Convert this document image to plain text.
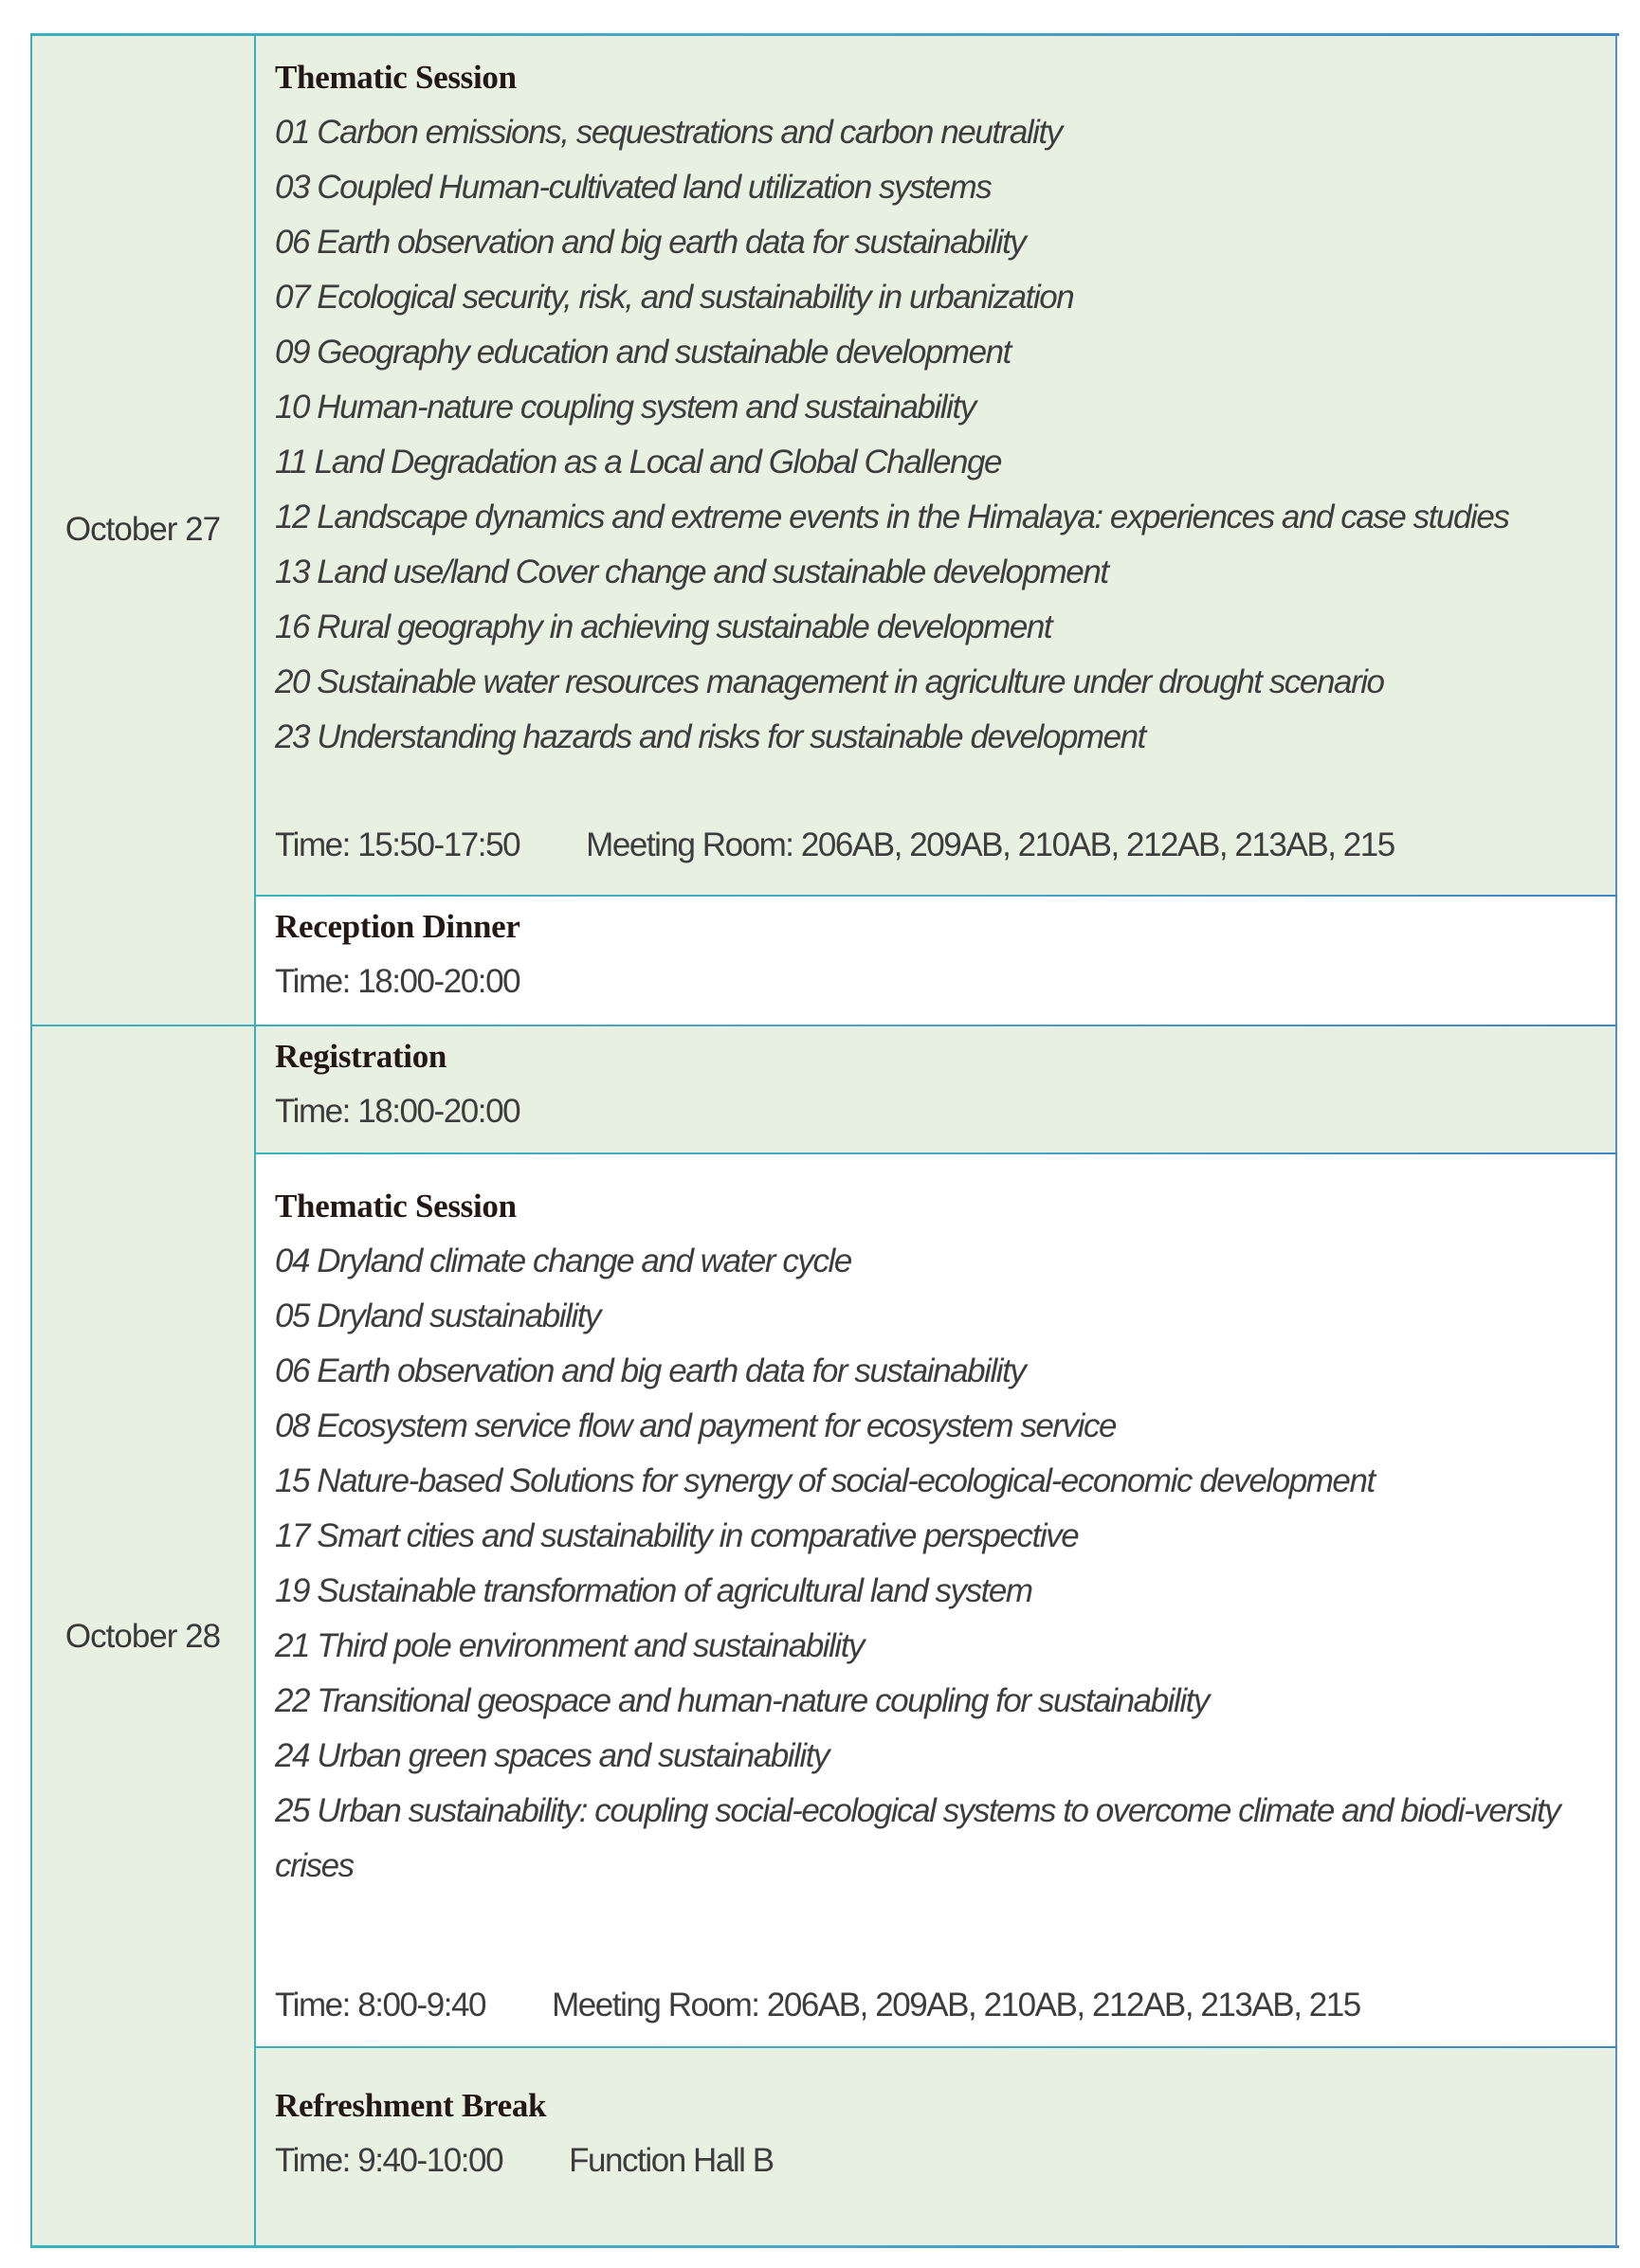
October 27
Thematic Session
01 Carbon emissions, sequestrations and carbon neutrality
03 Coupled Human-cultivated land utilization systems
06 Earth observation and big earth data for sustainability
07 Ecological security, risk, and sustainability in urbanization
09 Geography education and sustainable development
10 Human-nature coupling system and sustainability
11 Land Degradation as a Local and Global Challenge
12 Landscape dynamics and extreme events in the Himalaya: experiences and case studies
13 Land use/land Cover change and sustainable development
16 Rural geography in achieving sustainable development
20 Sustainable water resources management in agriculture under drought scenario
23 Understanding hazards and risks for sustainable development
Time: 15:50-17:50 Meeting Room: 206AB, 209AB, 210AB, 212AB, 213AB, 215
Reception Dinner
Time: 18:00-20:00
October 28
Registration
Time: 18:00-20:00
Thematic Session
04 Dryland climate change and water cycle
05 Dryland sustainability
06 Earth observation and big earth data for sustainability
08 Ecosystem service flow and payment for ecosystem service
15 Nature-based Solutions for synergy of social-ecological-economic development
17 Smart cities and sustainability in comparative perspective
19 Sustainable transformation of agricultural land system
21 Third pole environment and sustainability
22 Transitional geospace and human-nature coupling for sustainability
24 Urban green spaces and sustainability
25 Urban sustainability: coupling social-ecological systems to overcome climate and biodi-versity crises
Time: 8:00-9:40 Meeting Room: 206AB, 209AB, 210AB, 212AB, 213AB, 215
Refreshment Break
Time: 9:40-10:00 Function Hall B
